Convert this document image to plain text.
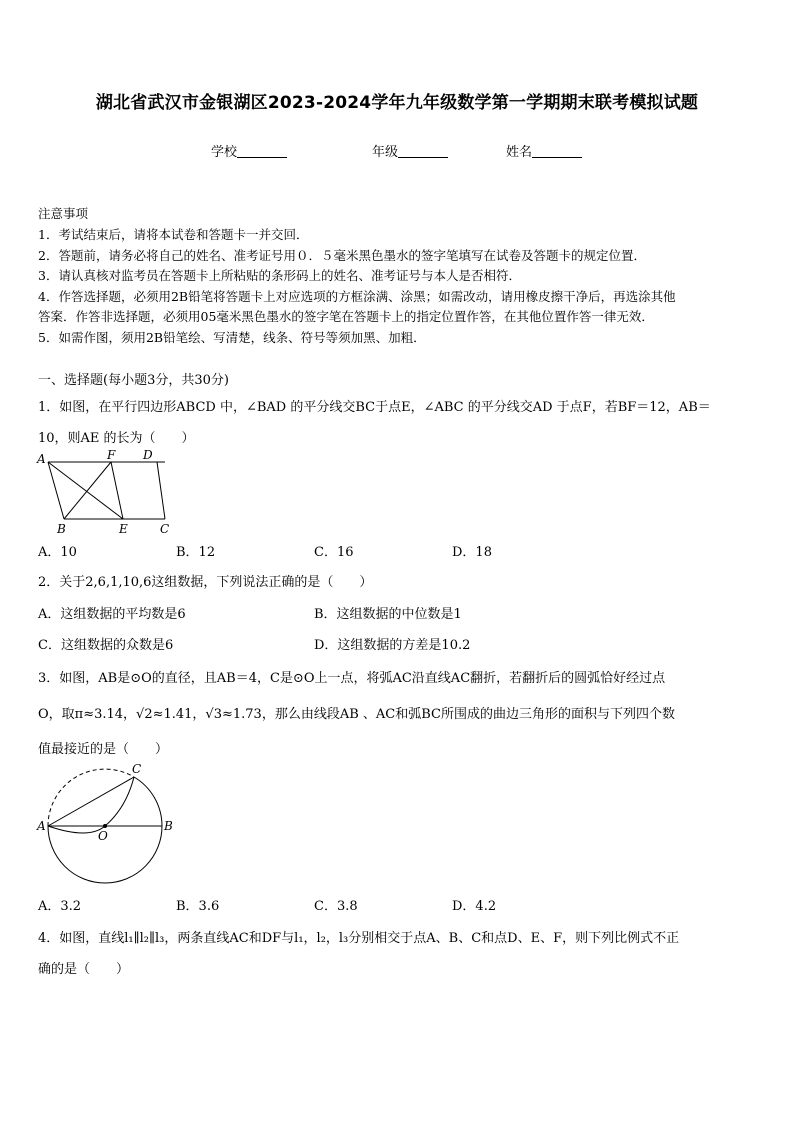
湖北省武汉市金银湖区2023-2024学年九年级数学第一学期期末联考模拟试题
学校	年级	姓名
注意事项
1．考试结束后，请将本试卷和答题卡一并交回．
2．答题前，请务必将自己的姓名、准考证号用０．５毫米黑色墨水的签字笔填写在试卷及答题卡的规定位置．
3．请认真核对监考员在答题卡上所粘贴的条形码上的姓名、准考证号与本人是否相符．
4．作答选择题，必须用2B铅笔将答题卡上对应选项的方框涂满、涂黑；如需改动，请用橡皮擦干净后，再选涂其他
答案．作答非选择题，必须用05毫米黑色墨水的签字笔在答题卡上的指定位置作答，在其他位置作答一律无效．
5．如需作图，须用2B铅笔绘、写清楚，线条、符号等须加黑、加粗．
一、选择题(每小题3分，共30分)
1．如图，在平行四边形ABCD 中，∠BAD 的平分线交BC于点E，∠ABC 的平分线交AD 于点F，若BF＝12，AB＝
10，则AE 的长为（　　）
A	F D
B	E	C
A．10	B．12	C．16	D．18
2．关于2,6,1,10,6这组数据，下列说法正确的是（　　）
A．这组数据的平均数是6	B．这组数据的中位数是1
C．这组数据的众数是6	D．这组数据的方差是10.2
3．如图，AB是⊙O的直径，且AB＝4，C是⊙O上一点，将弧AC沿直线AC翻折，若翻折后的圆弧恰好经过点
O，取π≈3.14，√2≈1.41，√3≈1.73，那么由线段AB 、AC和弧BC所围成的曲边三角形的面积与下列四个数
值最接近的是（　　）
A
O
B
C
A．3.2	B．3.6	C．3.8	D．4.2
4．如图，直线l₁∥l₂∥l₃，两条直线AC和DF与l₁，l₂，l₃分别相交于点A、B、C和点D、E、F，则下列比例式不正
确的是（　　）
